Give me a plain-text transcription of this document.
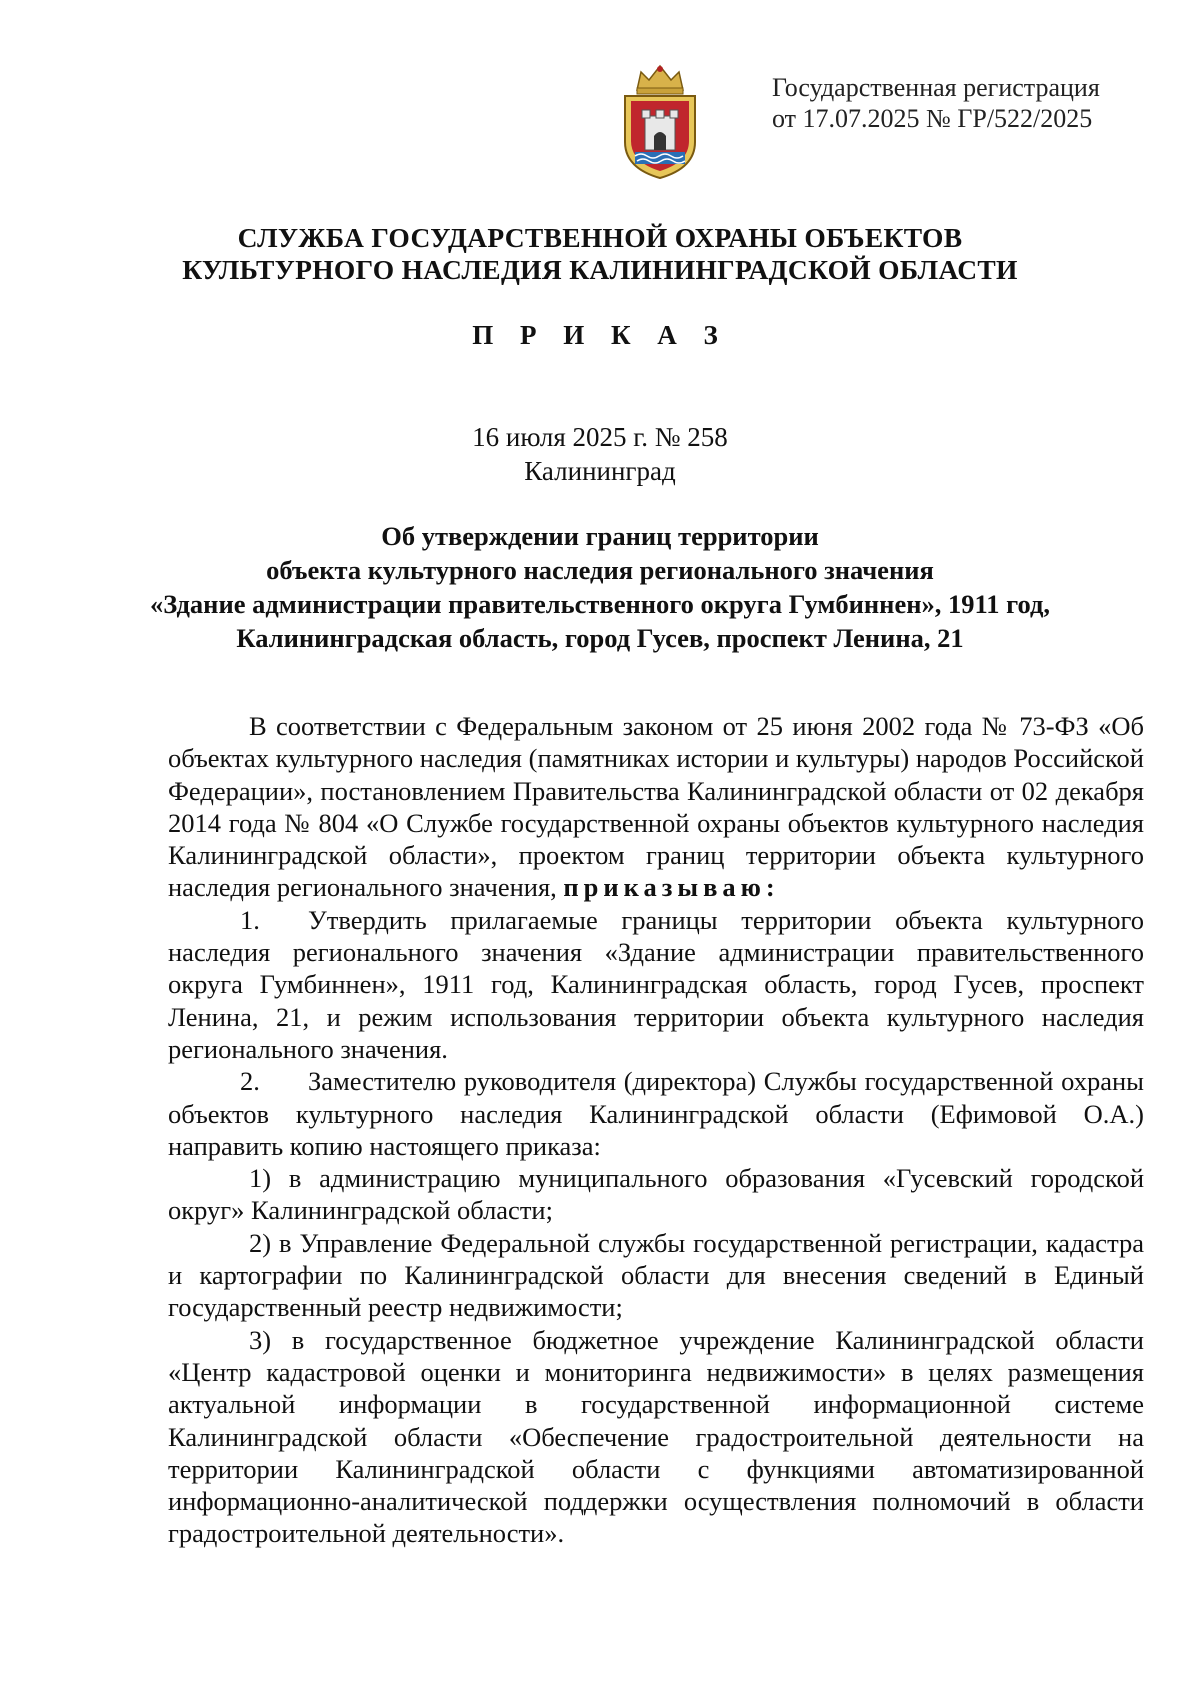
Государственная регистрация
от 17.07.2025 № ГР/522/2025
СЛУЖБА ГОСУДАРСТВЕННОЙ ОХРАНЫ ОБЪЕКТОВ
КУЛЬТУРНОГО НАСЛЕДИЯ КАЛИНИНГРАДСКОЙ ОБЛАСТИ
П Р И К А З
16 июля 2025 г. № 258
Калининград
Об утверждении границ территории
объекта культурного наследия регионального значения
«Здание администрации правительственного округа Гумбиннен», 1911 год,
Калининградская область, город Гусев, проспект Ленина, 21

В соответствии с Федеральным законом от 25 июня 2002 года № 73-ФЗ «Об объектах культурного наследия (памятниках истории и культуры) народов Российской Федерации», постановлением Правительства Калининградской области от 02 декабря 2014 года № 804 «О Службе государственной охраны объектов культурного наследия Калининградской области», проектом границ территории объекта культурного наследия регионального значения, приказываю:

1. Утвердить прилагаемые границы территории объекта культурного наследия регионального значения «Здание администрации правительственного округа Гумбиннен», 1911 год, Калининградская область, город Гусев, проспект Ленина, 21, и режим использования территории объекта культурного наследия регионального значения.

2. Заместителю руководителя (директора) Службы государственной охраны объектов культурного наследия Калининградской области (Ефимовой О.А.) направить копию настоящего приказа:

1) в администрацию муниципального образования «Гусевский городской округ» Калининградской области;

2) в Управление Федеральной службы государственной регистрации, кадастра и картографии по Калининградской области для внесения сведений в Единый государственный реестр недвижимости;

3) в государственное бюджетное учреждение Калининградской области «Центр кадастровой оценки и мониторинга недвижимости» в целях размещения актуальной информации в государственной информационной системе Калининградской области «Обеспечение градостроительной деятельности на территории Калининградской области с функциями автоматизированной информационно-аналитической поддержки осуществления полномочий в области градостроительной деятельности».
